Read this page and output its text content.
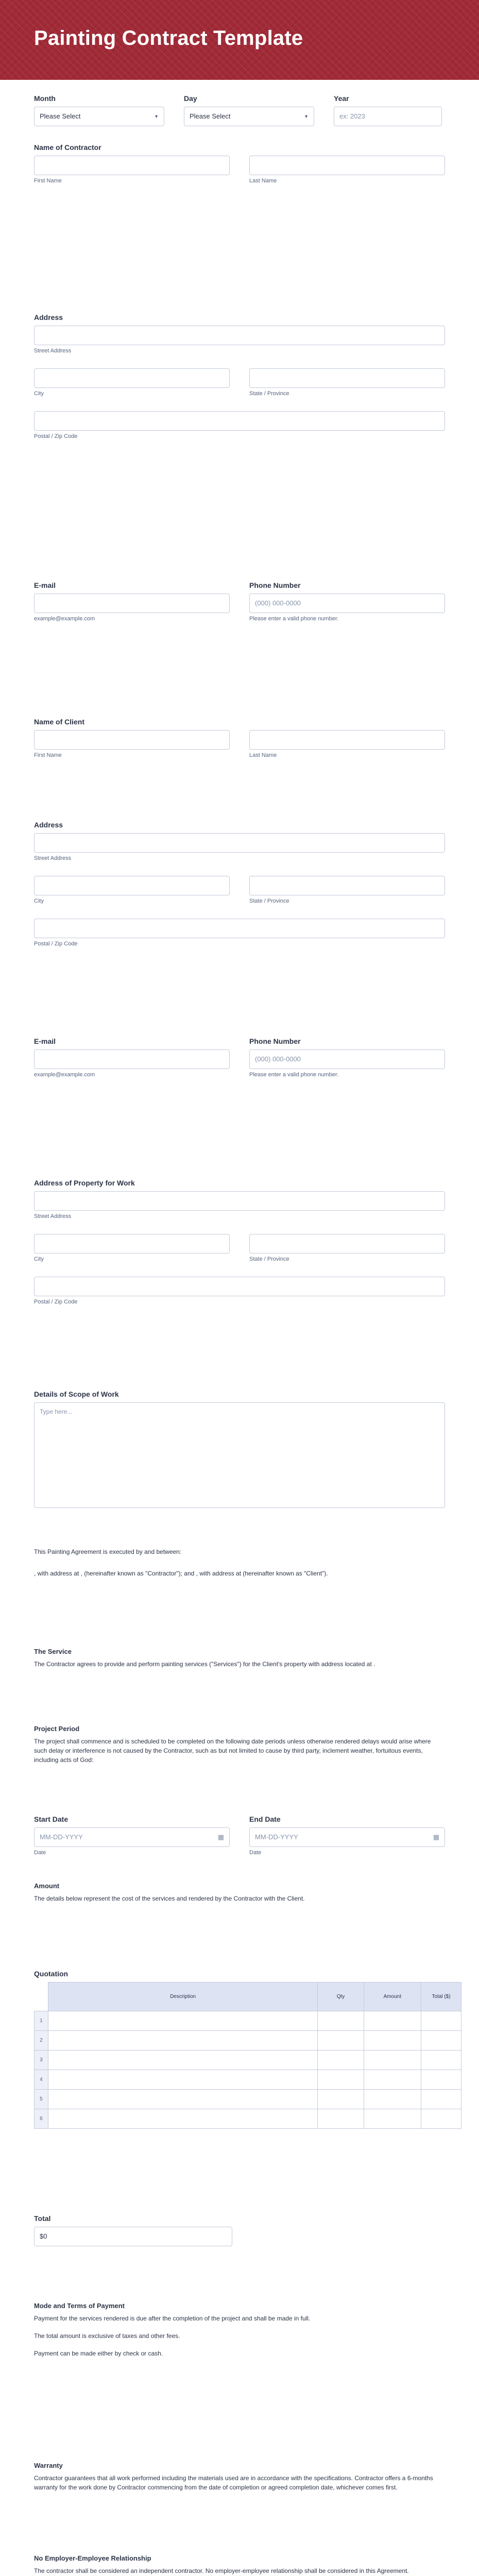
Painting Contract Template
Month
Please Select	▼
Day
Please Select	▼
Year
ex: 2023
Name of Contractor
First Name	Last Name
Address
Street Address
City	State / Province
Postal / Zip Code
E-mail
example@example.com
Phone Number
(000) 000-0000
Please enter a valid phone number.
Name of Client
First Name	Last Name
Address
Street Address
City	State / Province
Postal / Zip Code
E-mail
example@example.com
Phone Number
(000) 000-0000
Please enter a valid phone number.
Address of Property for Work
Street Address
City	State / Province
Postal / Zip Code
Details of Scope of Work
Type here...

This Painting Agreement is executed by and between:

, with address at , (hereinafter known as "Contractor"); and , with address at (hereinafter known as "Client").

The Service

The Contractor agrees to provide and perform painting services ("Services") for the Client's property with address located at .

Project Period

The project shall commence and is scheduled to be completed on the following date periods unless otherwise rendered delays would arise where such delay or interference is not caused by the Contractor, such as but not limited to cause by third party, inclement weather, fortuitous events, including acts of God:

Start Date
MM-DD-YYYY	▦
Date
End Date
MM-DD-YYYY	▦
Date
Amount

The details below represent the cost of the services and rendered by the Contractor with the Client.

Quotation
	Description	Qty	Amount	Total ($)
1				
2				
3				
4				
5				
6				
Total
$0
Mode and Terms of Payment

Payment for the services rendered is due after the completion of the project and shall be made in full.

The total amount is exclusive of taxes and other fees.

Payment can be made either by check or cash.

Warranty

Contractor guarantees that all work performed including the materials used are in accordance with the specifications. Contractor offers a 6-months warranty for the work done by Contractor commencing from the date of completion or agreed completion date, whichever comes first.

No Employer-Employee Relationship

The contractor shall be considered an independent contractor. No employer-employee relationship shall be considered in this Agreement.
